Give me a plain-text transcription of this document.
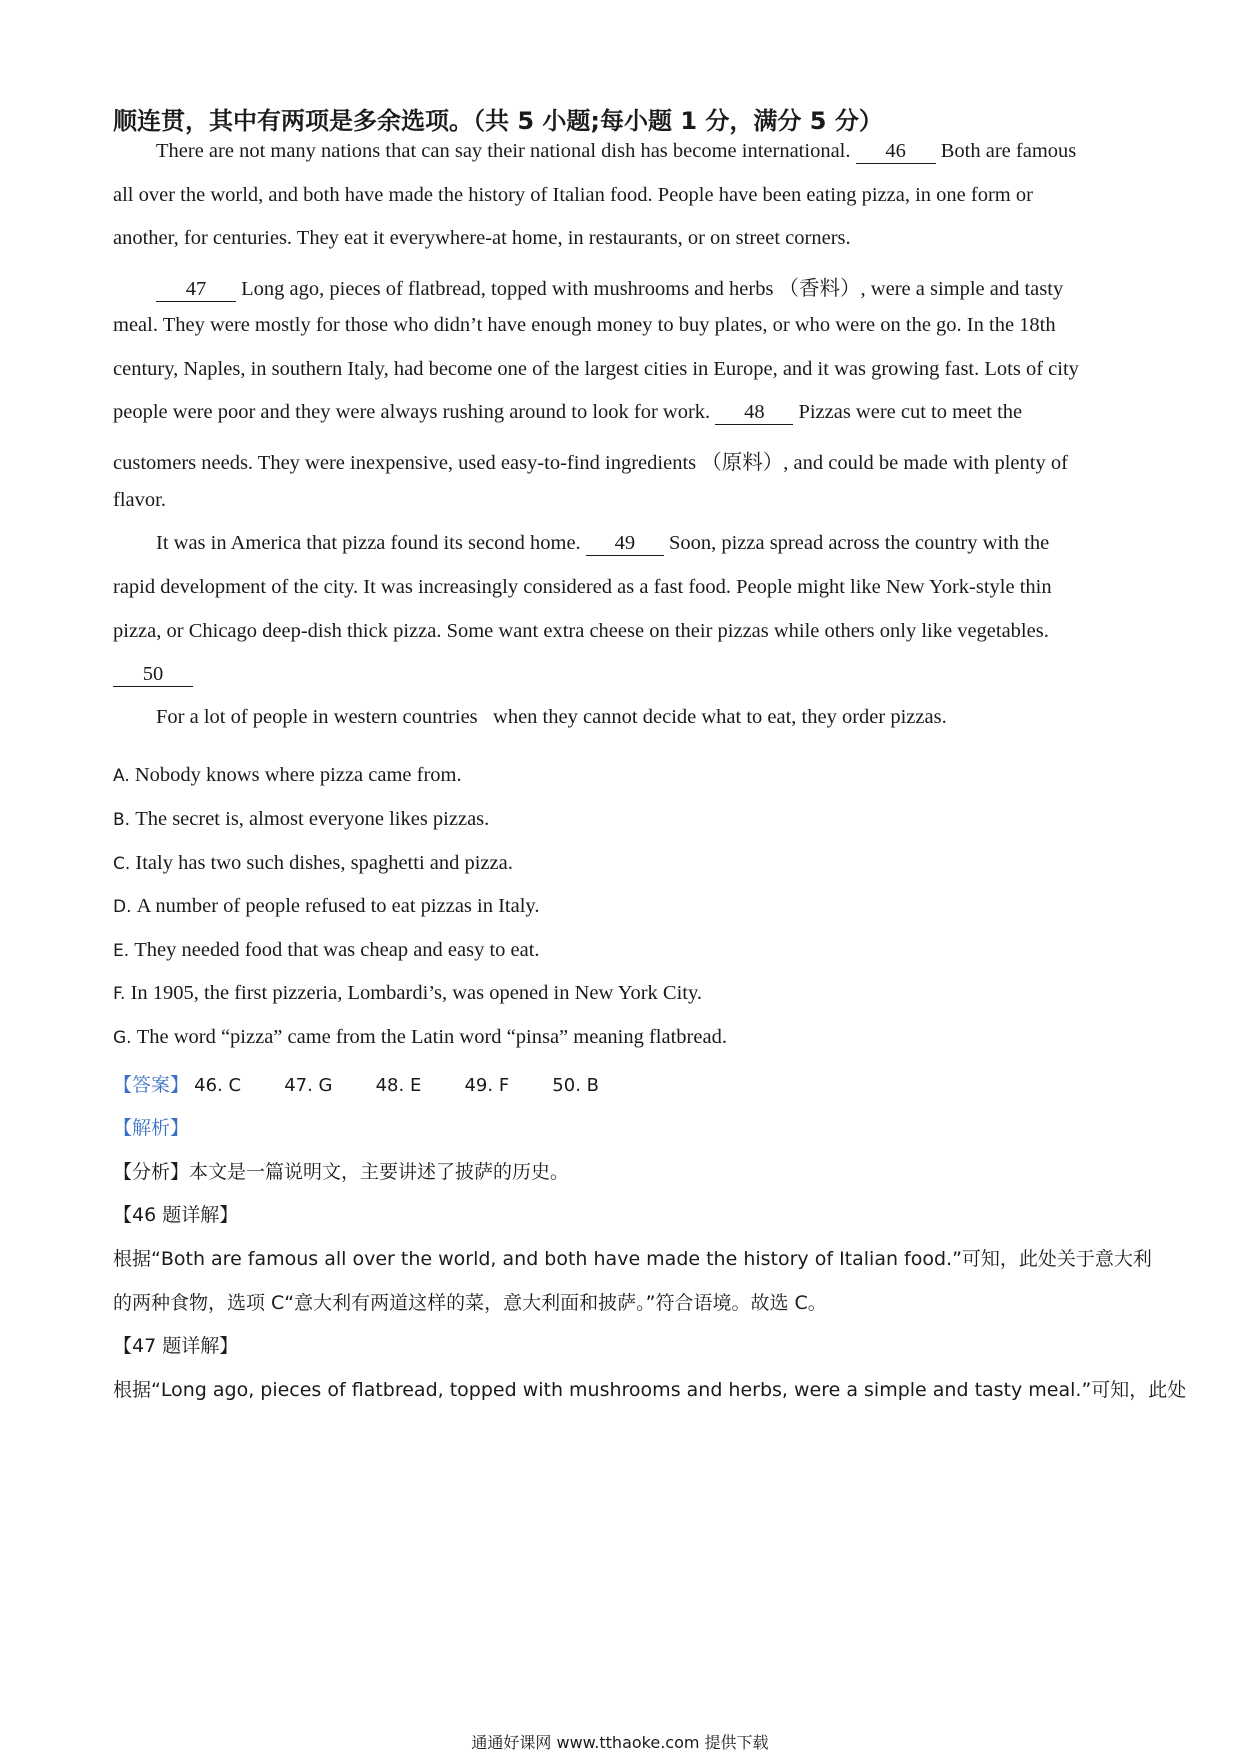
顺连贯，其中有两项是多余选项。（共 5 小题;每小题 1 分，满分 5 分）
There are not many nations that can say their national dish has become international. 46 Both are famous
all over the world, and both have made the history of Italian food. People have been eating pizza, in one form or
another, for centuries. They eat it everywhere-at home, in restaurants, or on street corners.
47 Long ago, pieces of flatbread, topped with mushrooms and herbs （香料）, were a simple and tasty
meal. They were mostly for those who didn’t have enough money to buy plates, or who were on the go. In the 18th
century, Naples, in southern Italy, had become one of the largest cities in Europe, and it was growing fast. Lots of city
people were poor and they were always rushing around to look for work. 48 Pizzas were cut to meet the
customers needs. They were inexpensive, used easy-to-find ingredients （原料）, and could be made with plenty of
flavor.
It was in America that pizza found its second home. 49 Soon, pizza spread across the country with the
rapid development of the city. It was increasingly considered as a fast food. People might like New York-style thin
pizza, or Chicago deep-dish thick pizza. Some want extra cheese on their pizzas while others only like vegetables.
50
For a lot of people in western countries   when they cannot decide what to eat, they order pizzas.
A. Nobody knows where pizza came from.
B. The secret is, almost everyone likes pizzas.
C. Italy has two such dishes, spaghetti and pizza.
D. A number of people refused to eat pizzas in Italy.
E. They needed food that was cheap and easy to eat.
F. In 1905, the first pizzeria, Lombardi’s, was opened in New York City.
G. The word “pizza” came from the Latin word “pinsa” meaning flatbread.
【答案】 46. C 47. G 48. E 49. F 50. B
【解析】
【分析】本文是一篇说明文，主要讲述了披萨的历史。
【46 题详解】
根据“Both are famous all over the world, and both have made the history of Italian food.”可知，此处关于意大利
的两种食物，选项 C“意大利有两道这样的菜，意大利面和披萨。”符合语境。故选 C。
【47 题详解】
根据“Long ago, pieces of flatbread, topped with mushrooms and herbs, were a simple and tasty meal.”可知，此处
通通好课网 www.tthaoke.com 提供下载
